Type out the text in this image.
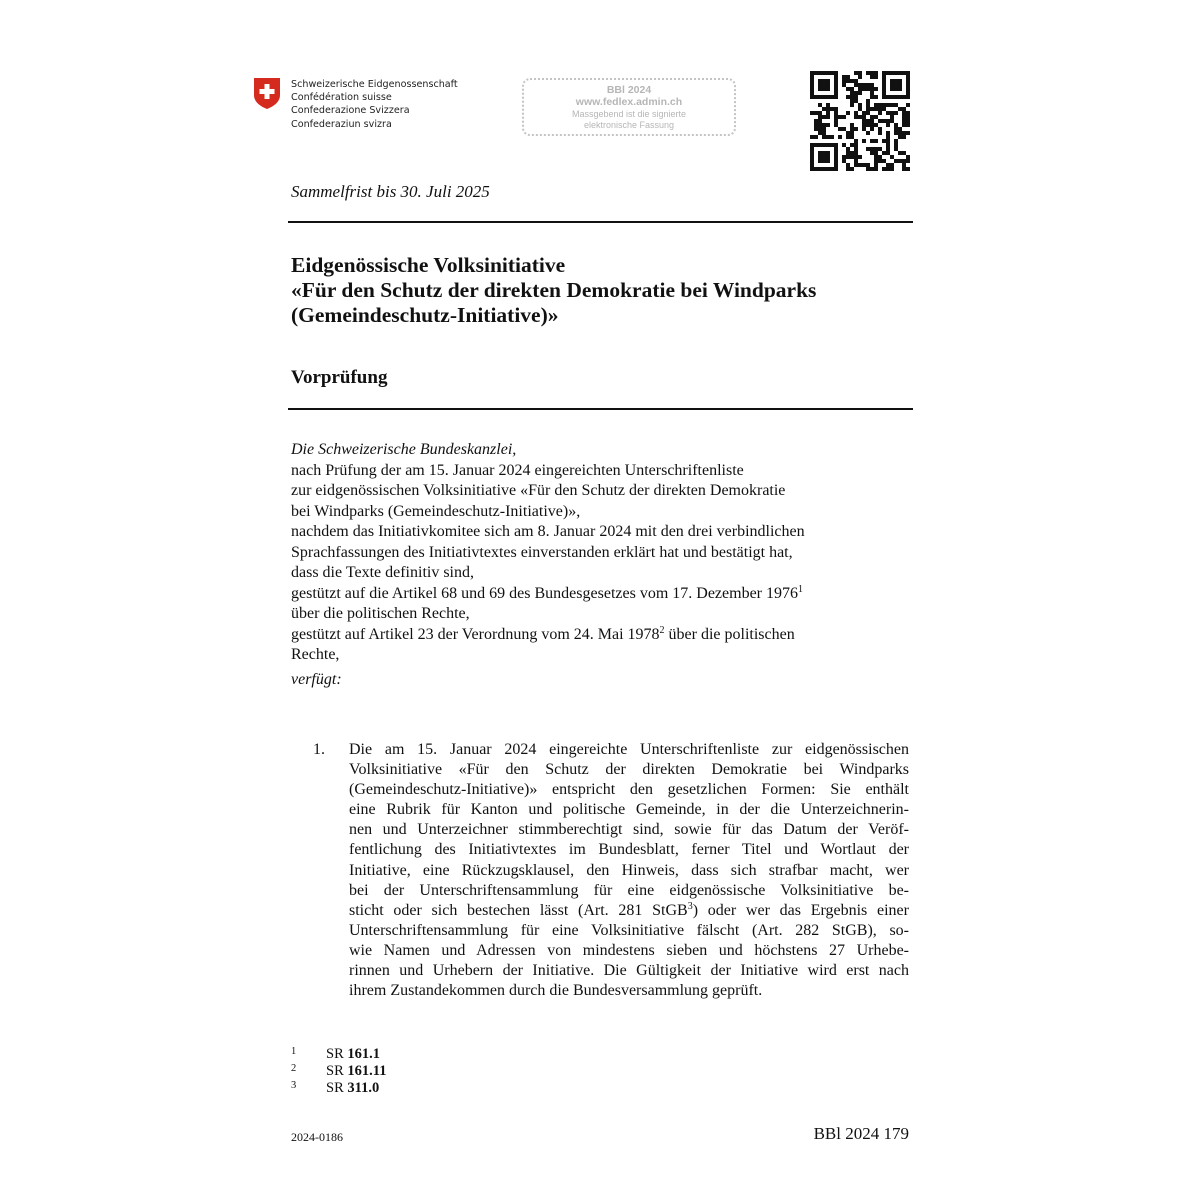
Schweizerische Eidgenossenschaft
Confédération suisse
Confederazione Svizzera
Confederaziun svizra
BBl 2024
www.fedlex.admin.ch
Massgebend ist die signierte
elektronische Fassung
Sammelfrist bis 30. Juli 2025
Eidgenössische Volksinitiative
«Für den Schutz der direkten Demokratie bei Windparks
(Gemeindeschutz-Initiative)»
Vorprüfung
Die Schweizerische Bundeskanzlei,
nach Prüfung der am 15. Januar 2024 eingereichten Unterschriftenliste
zur eidgenössischen Volksinitiative «Für den Schutz der direkten Demokratie
bei Windparks (Gemeindeschutz-Initiative)»,
nachdem das Initiativkomitee sich am 8. Januar 2024 mit den drei verbindlichen
Sprachfassungen des Initiativtextes einverstanden erklärt hat und bestätigt hat,
dass die Texte definitiv sind,
gestützt auf die Artikel 68 und 69 des Bundesgesetzes vom 17. Dezember 1976$^1$
über die politischen Rechte,
gestützt auf Artikel 23 der Verordnung vom 24. Mai 1978$^2$ über die politischen
Rechte,
verfügt:
1. Die am 15. Januar 2024 eingereichte Unterschriftenliste zur eidgenössischen
Volksinitiative «Für den Schutz der direkten Demokratie bei Windparks
(Gemeindeschutz-Initiative)» entspricht den gesetzlichen Formen: Sie enthält
eine Rubrik für Kanton und politische Gemeinde, in der die Unterzeichnerin-
nen und Unterzeichner stimmberechtigt sind, sowie für das Datum der Veröf-
fentlichung des Initiativtextes im Bundesblatt, ferner Titel und Wortlaut der
Initiative, eine Rückzugsklausel, den Hinweis, dass sich strafbar macht, wer
bei der Unterschriftensammlung für eine eidgenössische Volksinitiative be-
sticht oder sich bestechen lässt (Art. 281 StGB$^3$) oder wer das Ergebnis einer
Unterschriftensammlung für eine Volksinitiative fälscht (Art. 282 StGB), so-
wie Namen und Adressen von mindestens sieben und höchstens 27 Urhebe-
rinnen und Urhebern der Initiative. Die Gültigkeit der Initiative wird erst nach
ihrem Zustandekommen durch die Bundesversammlung geprüft.
1 SR 161.1
2 SR 161.11
3 SR 311.0
2024-0186	BBl 2024 179
